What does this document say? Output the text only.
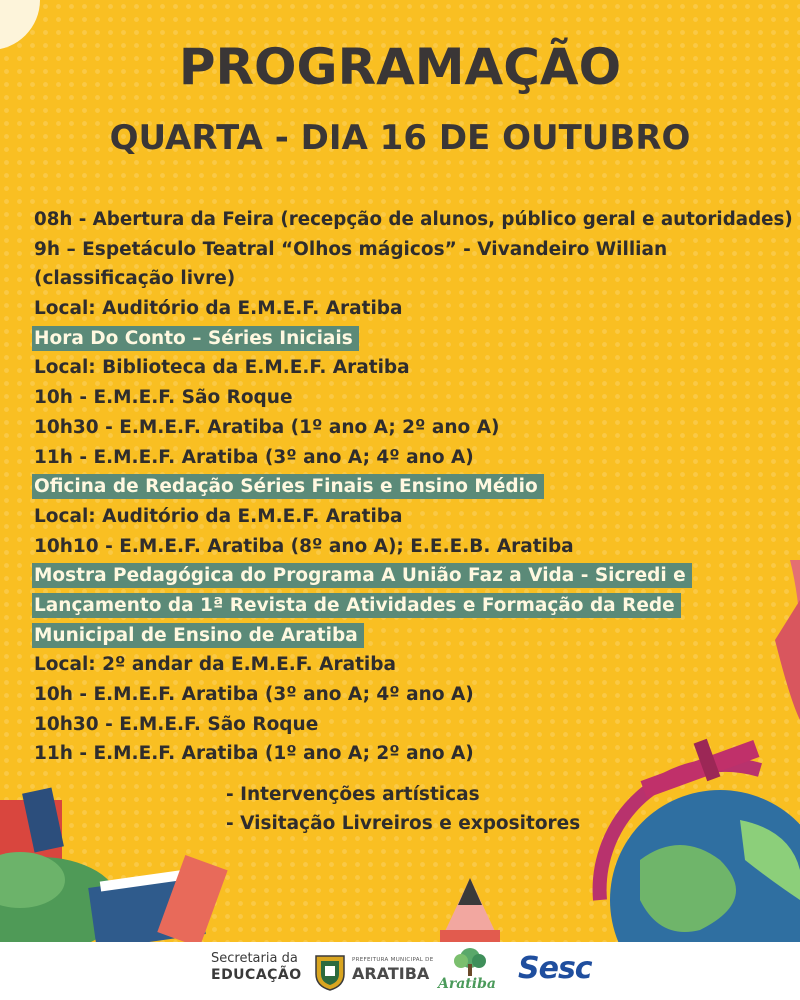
PROGRAMAÇÃO
QUARTA - DIA 16 DE OUTUBRO
08h - Abertura da Feira (recepção de alunos, público geral e autoridades)
9h – Espetáculo Teatral “Olhos mágicos” - Vivandeiro Willian
(classificação livre)
Local: Auditório da E.M.E.F. Aratiba
Hora Do Conto – Séries Iniciais
Local: Biblioteca da E.M.E.F. Aratiba
10h - E.M.E.F. São Roque
10h30 - E.M.E.F. Aratiba (1º ano A; 2º ano A)
11h - E.M.E.F. Aratiba (3º ano A; 4º ano A)
Oficina de Redação Séries Finais e Ensino Médio
Local: Auditório da E.M.E.F. Aratiba
10h10 - E.M.E.F. Aratiba (8º ano A); E.E.E.B. Aratiba
Mostra Pedagógica do Programa A União Faz a Vida - Sicredi e
Lançamento da 1ª Revista de Atividades e Formação da Rede
Municipal de Ensino de Aratiba
Local: 2º andar da E.M.E.F. Aratiba
10h - E.M.E.F. Aratiba (3º ano A; 4º ano A)
10h30 - E.M.E.F. São Roque
11h - E.M.E.F. Aratiba (1º ano A; 2º ano A)
- Intervenções artísticas
- Visitação Livreiros e expositores
Secretaria da
EDUCAÇÃO
PREFEITURA MUNICIPAL DE
ARATIBA
Aratiba Sesc
